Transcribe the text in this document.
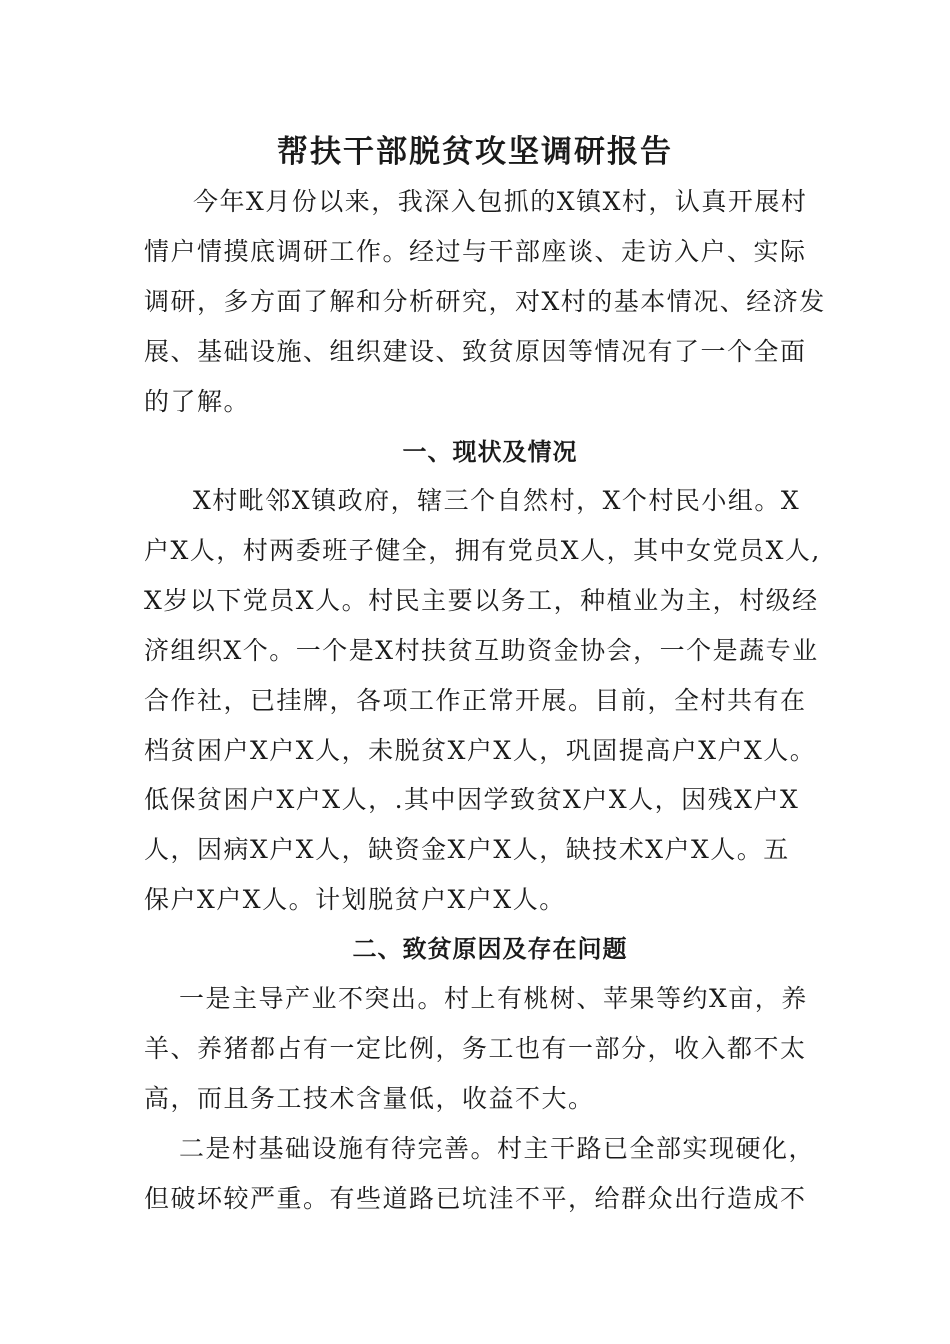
帮扶干部脱贫攻坚调研报告
今年X月份以来，我深入包抓的X镇X村，认真开展村
情户情摸底调研工作。经过与干部座谈、走访入户、实际
调研，多方面了解和分析研究，对X村的基本情况、经济发
展、基础设施、组织建设、致贫原因等情况有了一个全面
的了解。
一、现状及情况
X村毗邻X镇政府，辖三个自然村，X个村民小组。X
户X人，村两委班子健全，拥有党员X人，其中女党员X人,
X岁以下党员X人。村民主要以务工，种植业为主，村级经
济组织X个。一个是X村扶贫互助资金协会，一个是蔬专业
合作社，已挂牌，各项工作正常开展。目前，全村共有在
档贫困户X户X人，未脱贫X户X人，巩固提高户X户X人。
低保贫困户X户X人，.其中因学致贫X户X人，因残X户X
人，因病X户X人，缺资金X户X人，缺技术X户X人。五
保户X户X人。计划脱贫户X户X人。
二、致贫原因及存在问题
一是主导产业不突出。村上有桃树、苹果等约X亩，养
羊、养猪都占有一定比例，务工也有一部分，收入都不太
高，而且务工技术含量低，收益不大。
二是村基础设施有待完善。村主干路已全部实现硬化，
但破坏较严重。有些道路已坑洼不平，给群众出行造成不
